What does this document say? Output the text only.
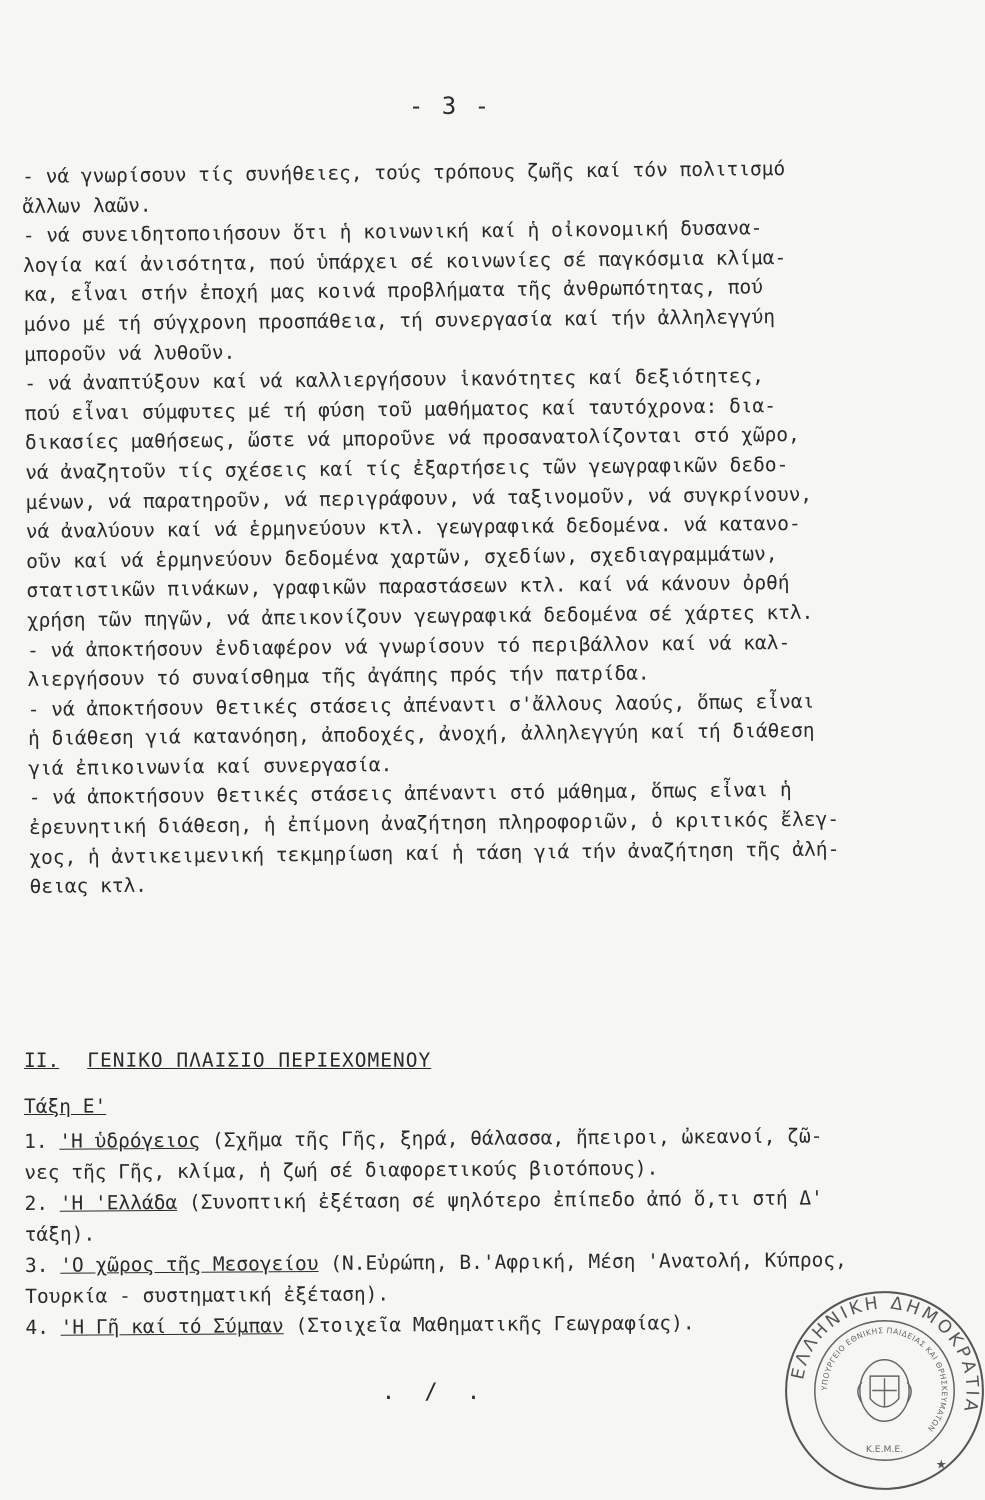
- 3 -

- νά γνωρίσουν τίς συνήθειες, τούς τρόπους ζωῆς καί τόν πολιτισμό

ἄλλων λαῶν.

- νά συνειδητοποιήσουν ὅτι ἡ κοινωνική καί ἡ οἰκονομική δυσανα-

λογία καί ἀνισότητα, πού ὑπάρχει σέ κοινωνίες σέ παγκόσμια κλίμα-

κα, εἶναι στήν ἐποχή μας κοινά προβλήματα τῆς ἀνθρωπότητας, πού

μόνο μέ τή σύγχρονη προσπάθεια, τή συνεργασία καί τήν ἀλληλεγγύη

μποροῦν νά λυθοῦν.

- νά ἀναπτύξουν καί νά καλλιεργήσουν ἱκανότητες καί δεξιότητες,

πού εἶναι σύμφυτες μέ τή φύση τοῦ μαθήματος καί ταυτόχρονα: δια-

δικασίες μαθήσεως, ὥστε νά μποροῦνε νά προσανατολίζονται στό χῶρο,

νά ἀναζητοῦν τίς σχέσεις καί τίς ἐξαρτήσεις τῶν γεωγραφικῶν δεδο-

μένων, νά παρατηροῦν, νά περιγράφουν, νά ταξινομοῦν, νά συγκρίνουν,

νά ἀναλύουν καί νά ἑρμηνεύουν κτλ. γεωγραφικά δεδομένα. νά κατανο-

οῦν καί νά ἑρμηνεύουν δεδομένα χαρτῶν, σχεδίων, σχεδιαγραμμάτων,

στατιστικῶν πινάκων, γραφικῶν παραστάσεων κτλ. καί νά κάνουν ὀρθή

χρήση τῶν πηγῶν, νά ἀπεικονίζουν γεωγραφικά δεδομένα σέ χάρτες κτλ.

- νά ἀποκτήσουν ἐνδιαφέρον νά γνωρίσουν τό περιβάλλον καί νά καλ-

λιεργήσουν τό συναίσθημα τῆς ἀγάπης πρός τήν πατρίδα.

- νά ἀποκτήσουν θετικές στάσεις ἀπέναντι σ'ἄλλους λαούς, ὅπως εἶναι

ἡ διάθεση γιά κατανόηση, ἀποδοχές, ἀνοχή, ἀλληλεγγύη καί τή διάθεση

γιά ἐπικοινωνία καί συνεργασία.

- νά ἀποκτήσουν θετικές στάσεις ἀπέναντι στό μάθημα, ὅπως εἶναι ἡ

ἐρευνητική διάθεση, ἡ ἐπίμονη ἀναζήτηση πληροφοριῶν, ὁ κριτικός ἔλεγ-

χος, ἡ ἀντικειμενική τεκμηρίωση καί ἡ τάση γιά τήν ἀναζήτηση τῆς ἀλή-

θειας κτλ.

II. ΓΕΝΙΚΟ ΠΛΑΙΣΙΟ ΠΕΡΙΕΧΟΜΕΝΟΥ
Τάξη Ε'

1. 'Η ὑδρόγειος (Σχῆμα τῆς Γῆς, ξηρά, θάλασσα, ἤπειροι, ὠκεανοί, ζῶ-

νες τῆς Γῆς, κλίμα, ἡ ζωή σέ διαφορετικούς βιοτόπους).

2. 'Η 'Ελλάδα (Συνοπτική ἐξέταση σέ ψηλότερο ἐπίπεδο ἀπό ὅ,τι στή Δ'

τάξη).

3. 'Ο χῶρος τῆς Μεσογείου (Ν.Εὐρώπη, Β.'Αφρική, Μέση 'Ανατολή, Κύπρος,

Τουρκία - συστηματική ἐξέταση).

4. 'Η Γῆ καί τό Σύμπαν (Στοιχεῖα Μαθηματικῆς Γεωγραφίας).

. / .
ΕΛΛΗΝΙΚΗ ΔΗΜΟΚΡΑΤΙΑ
ΥΠΟΥΡΓΕΙΟ ΕΘΝΙΚΗΣ ΠΑΙΔΕΙΑΣ ΚΑΙ ΘΡΗΣΚΕΥΜΑΤΩΝ
Κ.Ε.Μ.Ε.
★
